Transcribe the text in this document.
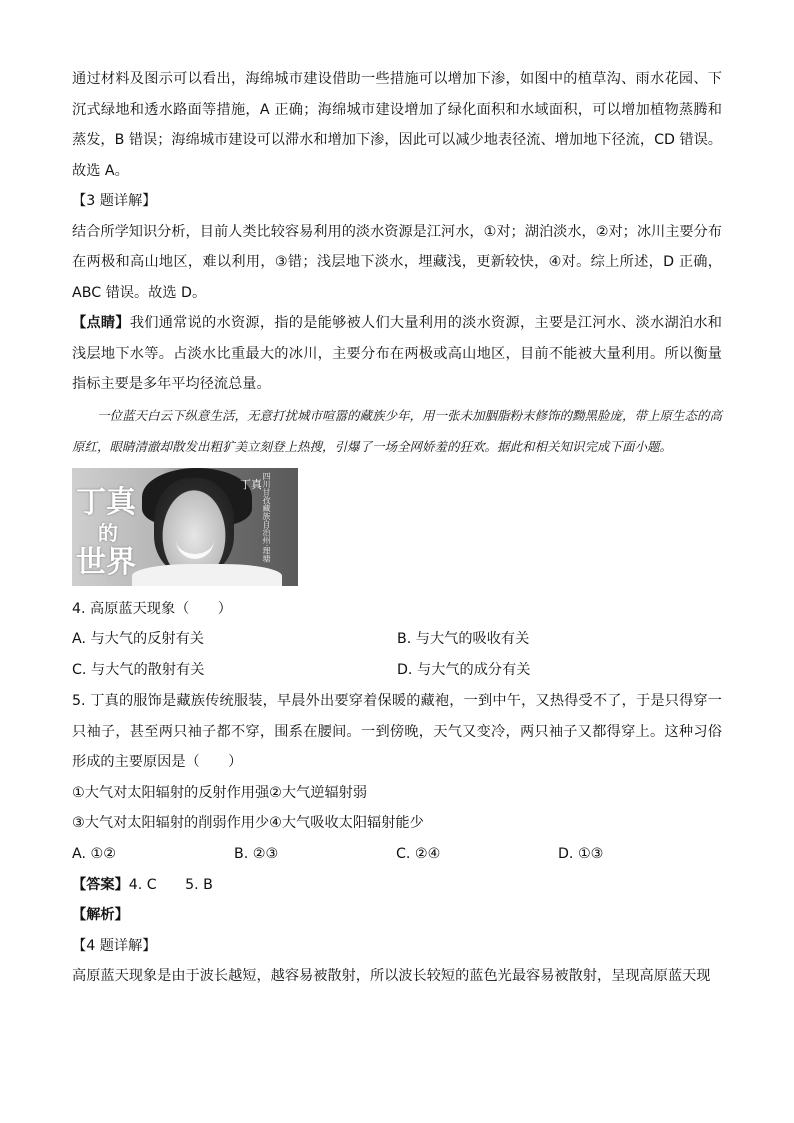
通过材料及图示可以看出，海绵城市建设借助一些措施可以增加下渗，如图中的植草沟、雨水花园、下沉式绿地和透水路面等措施，A 正确；海绵城市建设增加了绿化面积和水域面积，可以增加植物蒸腾和蒸发，B 错误；海绵城市建设可以滞水和增加下渗，因此可以减少地表径流、增加地下径流，CD 错误。故选 A。

【3 题详解】

结合所学知识分析，目前人类比较容易利用的淡水资源是江河水，①对；湖泊淡水，②对；冰川主要分布在两极和高山地区，难以利用，③错；浅层地下淡水，埋藏浅，更新较快，④对。综上所述，D 正确，ABC 错误。故选 D。

【点睛】我们通常说的水资源，指的是能够被人们大量利用的淡水资源，主要是江河水、淡水湖泊水和浅层地下水等。占淡水比重最大的冰川，主要分布在两极或高山地区，目前不能被大量利用。所以衡量指标主要是多年平均径流总量。

一位蓝天白云下纵意生活，无意打扰城市喧嚣的藏族少年，用一张未加胭脂粉末修饰的黝黑脸庞，带上原生态的高原红，眼睛清澈却散发出粗犷美立刻登上热搜，引爆了一场全网娇羞的狂欢。据此和相关知识完成下面小题。

丁真
的
世界
丁真 四川甘孜藏族自治州·理塘

4. 高原蓝天现象（　　）

A. 与大气的反射有关	B. 与大气的吸收有关
C. 与大气的散射有关	D. 与大气的成分有关

5. 丁真的服饰是藏族传统服装，早晨外出要穿着保暖的藏袍，一到中午，又热得受不了，于是只得穿一只袖子，甚至两只袖子都不穿，围系在腰间。一到傍晚，天气又变冷，两只袖子又都得穿上。这种习俗形成的主要原因是（　　）

①大气对太阳辐射的反射作用强②大气逆辐射弱

③大气对太阳辐射的削弱作用少④大气吸收太阳辐射能少

A. ①②	B. ②③	C. ②④	D. ①③

【答案】4. C　　5. B

【解析】

【4 题详解】

高原蓝天现象是由于波长越短，越容易被散射，所以波长较短的蓝色光最容易被散射，呈现高原蓝天现
